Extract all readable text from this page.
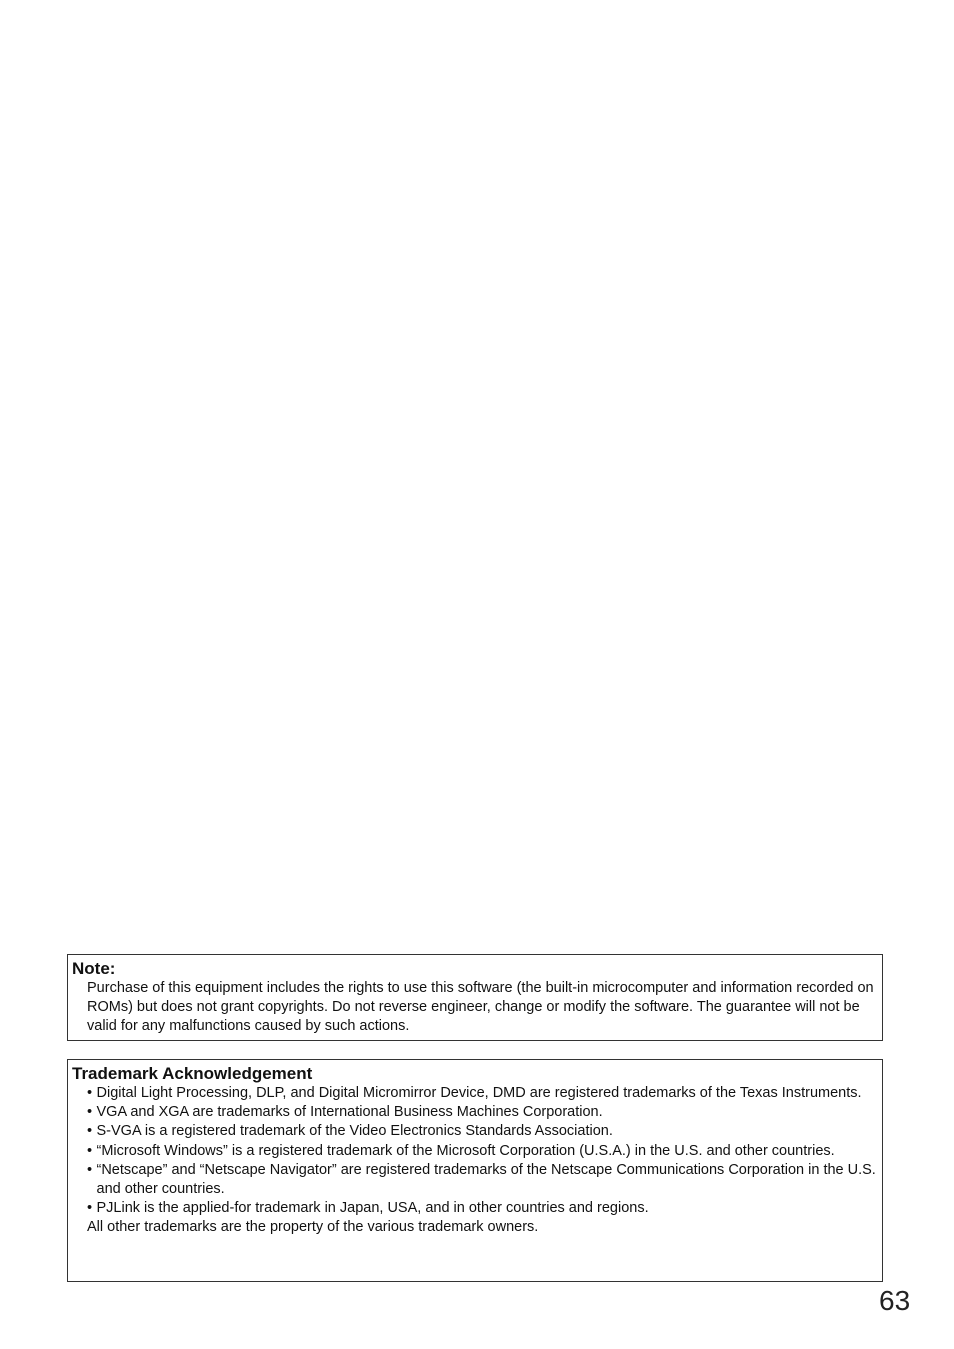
Note:

Purchase of this equipment includes the rights to use this software (the built-in microcomputer and information recorded on ROMs) but does not grant copyrights. Do not reverse engineer, change or modify the software. The guarantee will not be valid for any malfunctions caused by such actions.

Trademark Acknowledgement
• Digital Light Processing, DLP, and Digital Micromirror Device, DMD are registered trademarks of the Texas Instruments.
• VGA and XGA are trademarks of International Business Machines Corporation.
• S-VGA is a registered trademark of the Video Electronics Standards Association.
• “Microsoft Windows” is a registered trademark of the Microsoft Corporation (U.S.A.) in the U.S. and other countries.
• “Netscape” and “Netscape Navigator” are registered trademarks of the Netscape Communications Corporation in the U.S. and other countries.
• PJLink is the applied-for trademark in Japan, USA, and in other countries and regions.

All other trademarks are the property of the various trademark owners.

63
